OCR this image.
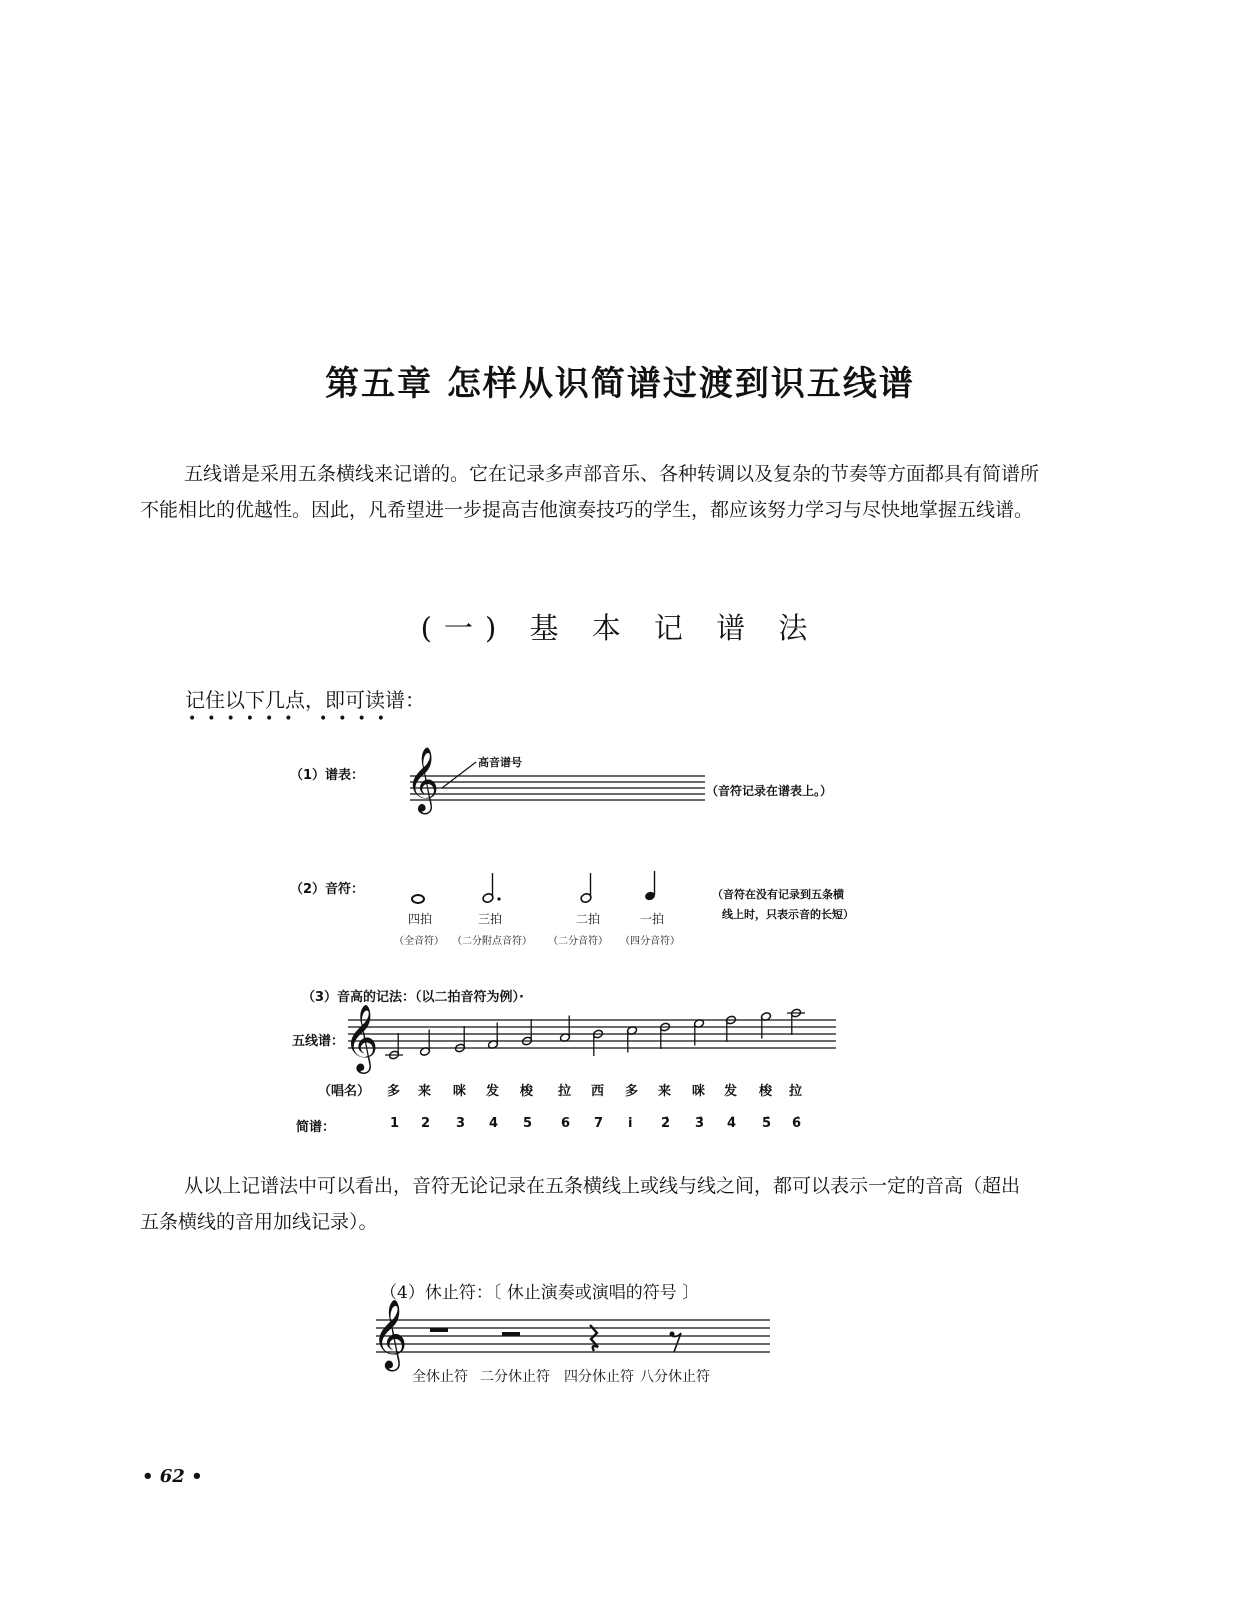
第五章 怎样从识简谱过渡到识五线谱
五线谱是采用五条横线来记谱的。它在记录多声部音乐、各种转调以及复杂的节奏等方面都具有简谱所不能相比的优越性。因此，凡希望进一步提高吉他演奏技巧的学生，都应该努力学习与尽快地掌握五线谱。
(一) 基 本 记 谱 法
记住以下几点，即可读谱：
•••••• ••••
（1）谱表：
高音谱号
𝄞	（音符记录在谱表上。）
（2）音符：
四拍	三拍	二拍	一拍
（全音符） （二分附点音符） （二分音符） （四分音符）
（音符在没有记录到五条横
线上时，只表示音的长短）
（3）音高的记法：（以二拍音符为例）·
五线谱： 𝄞
（唱名） 多 来 咪 发 梭 拉 西 多 来 咪 发 梭 拉
简谱：	1 2 3 4 5 6 7 i 2̇ 3̇ 4̇ 5̇ 6̇
从以上记谱法中可以看出，音符无论记录在五条横线上或线与线之间，都可以表示一定的音高（超出五条横线的音用加线记录）。
（4）休止符：〔 休止演奏或演唱的符号 〕
𝄞
全休止符 二分休止符 四分休止符 八分休止符
• 62 •
